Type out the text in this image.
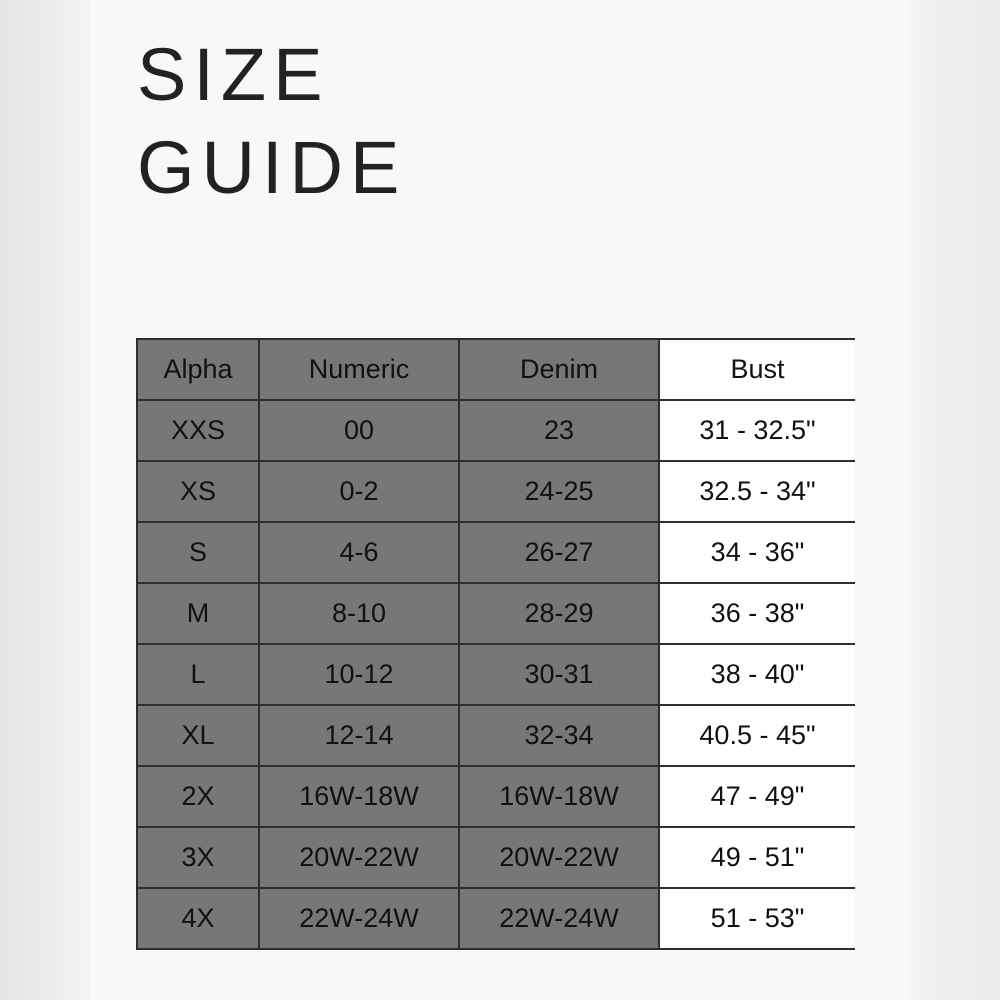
SIZE
GUIDE
Alpha	Numeric	Denim	Bust
XXS	00	23	31 - 32.5"
XS	0-2	24-25	32.5 - 34"
S	4-6	26-27	34 - 36"
M	8-10	28-29	36 - 38"
L	10-12	30-31	38 - 40"
XL	12-14	32-34	40.5 - 45"
2X	16W-18W	16W-18W	47 - 49"
3X	20W-22W	20W-22W	49 - 51"
4X	22W-24W	22W-24W	51 - 53"
